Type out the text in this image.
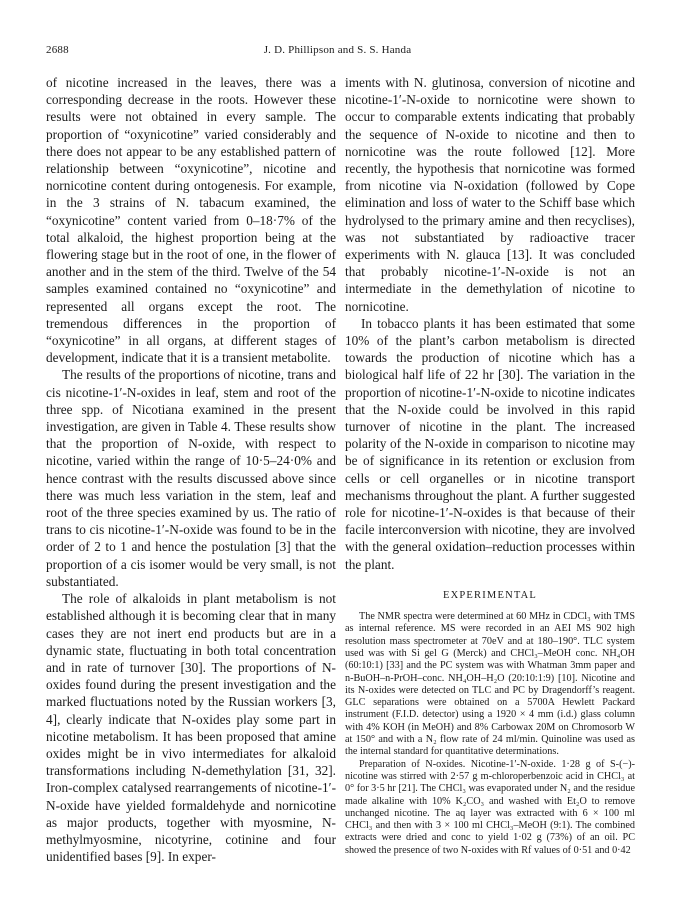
2688	J. D. Phillipson and S. S. Handa

of nicotine increased in the leaves, there was a corresponding decrease in the roots. However these results were not obtained in every sample. The proportion of “oxynicotine” varied considerably and there does not appear to be any established pattern of relationship between “oxynicotine”, nicotine and nornicotine content during ontogenesis. For example, in the 3 strains of N. tabacum examined, the “oxynicotine” content varied from 0–18·7% of the total alkaloid, the highest proportion being at the flowering stage but in the root of one, in the flower of another and in the stem of the third. Twelve of the 54 samples examined contained no “oxynicotine” and represented all organs except the root. The tremendous differences in the proportion of “oxynicotine” in all organs, at different stages of development, indicate that it is a transient metabolite.

The results of the proportions of nicotine, trans and cis nicotine-1′-N-oxides in leaf, stem and root of the three spp. of Nicotiana examined in the present investigation, are given in Table 4. These results show that the proportion of N-oxide, with respect to nicotine, varied within the range of 10·5–24·0% and hence contrast with the results discussed above since there was much less variation in the stem, leaf and root of the three species examined by us. The ratio of trans to cis nicotine-1′-N-oxide was found to be in the order of 2 to 1 and hence the postulation [3] that the proportion of a cis isomer would be very small, is not substantiated.

The role of alkaloids in plant metabolism is not established although it is becoming clear that in many cases they are not inert end products but are in a dynamic state, fluctuating in both total concentration and in rate of turnover [30]. The proportions of N-oxides found during the present investigation and the marked fluctuations noted by the Russian workers [3, 4], clearly indicate that N-oxides play some part in nicotine metabolism. It has been proposed that amine oxides might be in vivo intermediates for alkaloid transformations including N-demethylation [31, 32]. Iron-complex catalysed rearrangements of nicotine-1′-N-oxide have yielded formaldehyde and nornicotine as major products, together with myosmine, N-methylmyosmine, nicotyrine, cotinine and four unidentified bases [9]. In exper-

iments with N. glutinosa, conversion of nicotine and nicotine-1′-N-oxide to nornicotine were shown to occur to comparable extents indicating that probably the sequence of N-oxide to nicotine and then to nornicotine was the route followed [12]. More recently, the hypothesis that nornicotine was formed from nicotine via N-oxidation (followed by Cope elimination and loss of water to the Schiff base which hydrolysed to the primary amine and then recyclises), was not substantiated by radioactive tracer experiments with N. glauca [13]. It was concluded that probably nicotine-1′-N-oxide is not an intermediate in the demethylation of nicotine to nornicotine.

In tobacco plants it has been estimated that some 10% of the plant’s carbon metabolism is directed towards the production of nicotine which has a biological half life of 22 hr [30]. The variation in the proportion of nicotine-1′-N-oxide to nicotine indicates that the N-oxide could be involved in this rapid turnover of nicotine in the plant. The increased polarity of the N-oxide in comparison to nicotine may be of significance in its retention or exclusion from cells or cell organelles or in nicotine transport mechanisms throughout the plant. A further suggested role for nicotine-1′-N-oxides is that because of their facile interconversion with nicotine, they are involved with the general oxidation–reduction processes within the plant.

EXPERIMENTAL

The NMR spectra were determined at 60 MHz in CDCl₃ with TMS as internal reference. MS were recorded in an AEI MS 902 high resolution mass spectrometer at 70eV and at 180–190°. TLC system used was with Si gel G (Merck) and CHCl₃–MeOH conc. NH₄OH (60:10:1) [33] and the PC system was with Whatman 3mm paper and n-BuOH–n-PrOH–conc. NH₄OH–H₂O (20:10:1:9) [10]. Nicotine and its N-oxides were detected on TLC and PC by Dragendorff’s reagent. GLC separations were obtained on a 5700A Hewlett Packard instrument (F.I.D. detector) using a 1920 × 4 mm (i.d.) glass column with 4% KOH (in MeOH) and 8% Carbowax 20M on Chromosorb W at 150° and with a N₂ flow rate of 24 ml/min. Quinoline was used as the internal standard for quantitative determinations.

Preparation of N-oxides. Nicotine-1′-N-oxide. 1·28 g of S-(−)-nicotine was stirred with 2·57 g m-chloroperbenzoic acid in CHCl₃ at 0° for 3·5 hr [21]. The CHCl₃ was evaporated under N₂ and the residue made alkaline with 10% K₂CO₃ and washed with Et₂O to remove unchanged nicotine. The aq layer was extracted with 6 × 100 ml CHCl₃ and then with 3 × 100 ml CHCl₃–MeOH (9:1). The combined extracts were dried and conc to yield 1·02 g (73%) of an oil. PC showed the presence of two N-oxides with Rf values of 0·51 and 0·42
